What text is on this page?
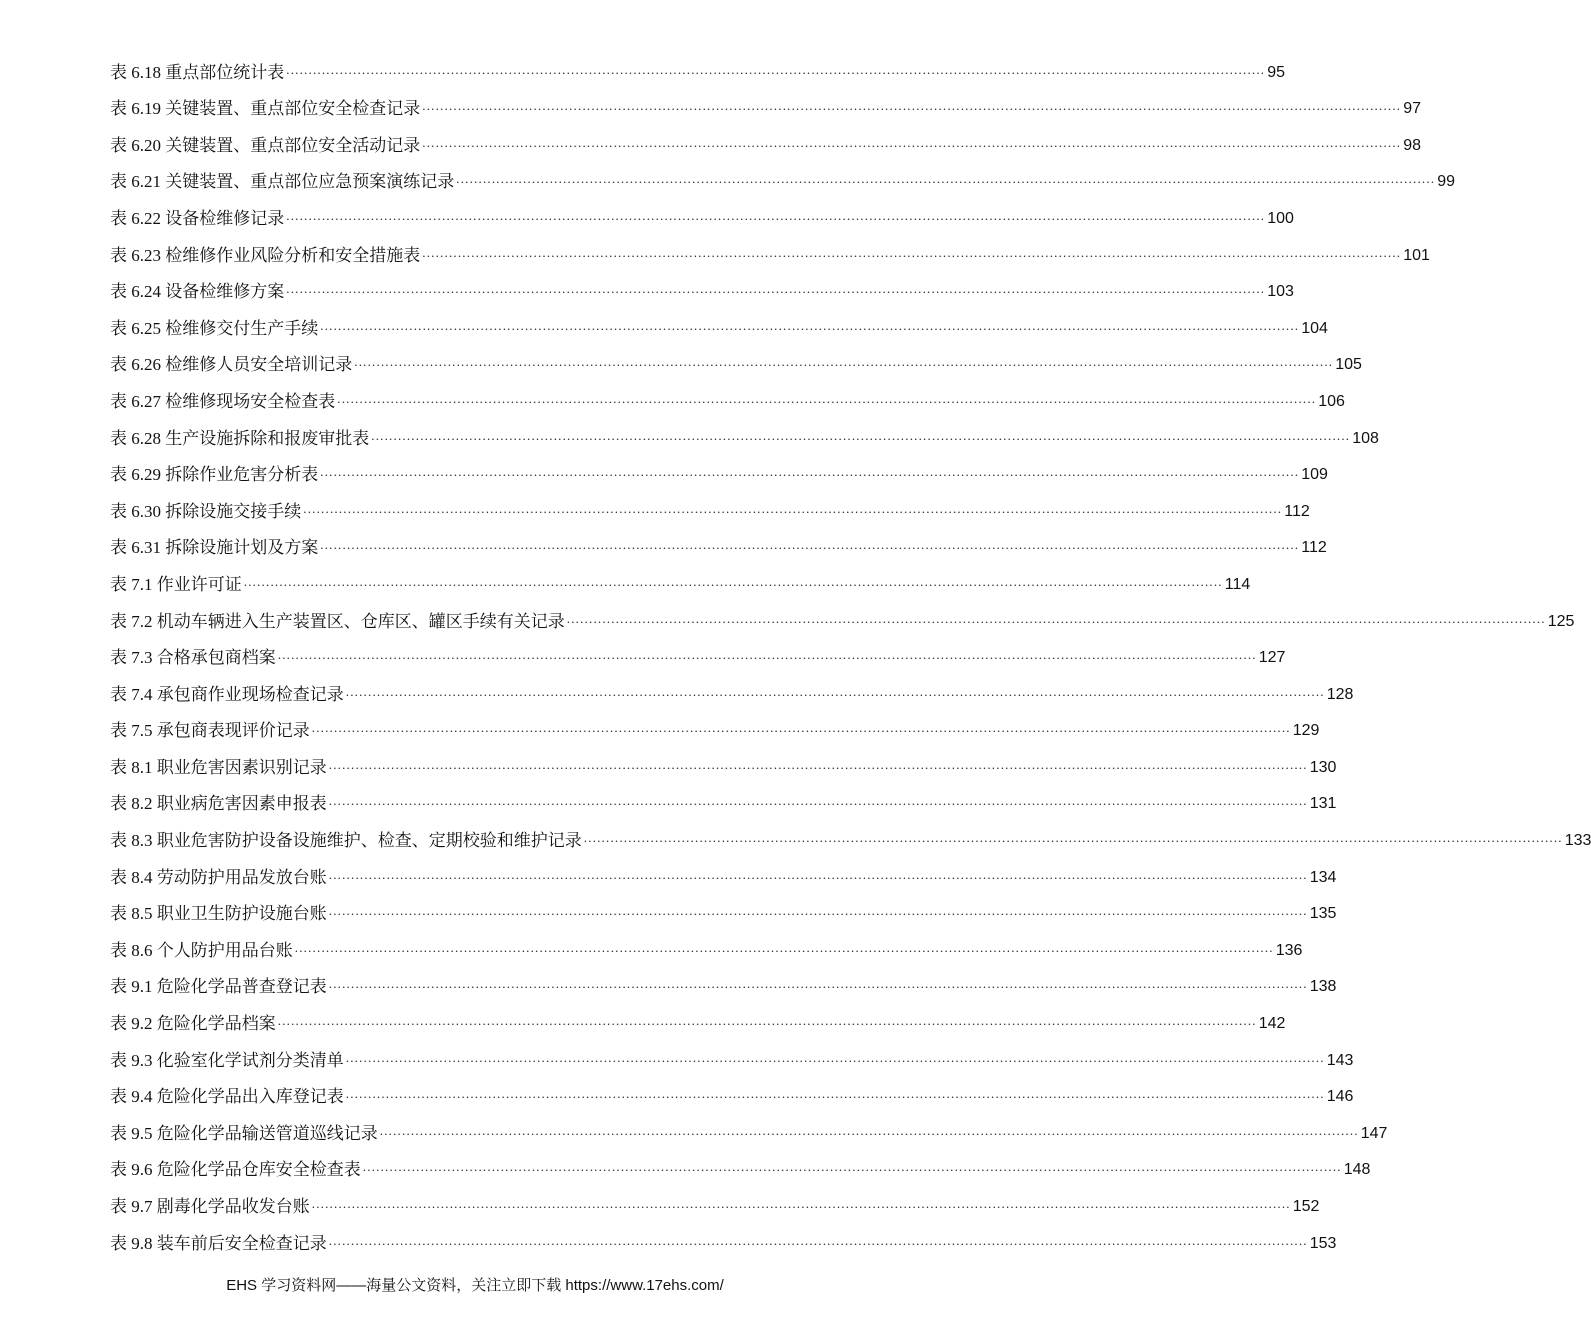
表 6.18 重点部位统计表 ............................................................................................................................................................................................................................ 95
表 6.19 关键装置、重点部位安全检查记录 ............................................................................................................................................................................................................................ 97
表 6.20 关键装置、重点部位安全活动记录 ............................................................................................................................................................................................................................ 98
表 6.21 关键装置、重点部位应急预案演练记录 ............................................................................................................................................................................................................................ 99
表 6.22 设备检维修记录 ............................................................................................................................................................................................................................ 100
表 6.23 检维修作业风险分析和安全措施表 ............................................................................................................................................................................................................................ 101
表 6.24 设备检维修方案 ............................................................................................................................................................................................................................ 103
表 6.25 检维修交付生产手续 ............................................................................................................................................................................................................................ 104
表 6.26 检维修人员安全培训记录 ............................................................................................................................................................................................................................ 105
表 6.27 检维修现场安全检查表 ............................................................................................................................................................................................................................ 106
表 6.28 生产设施拆除和报废审批表 ............................................................................................................................................................................................................................ 108
表 6.29 拆除作业危害分析表 ............................................................................................................................................................................................................................ 109
表 6.30 拆除设施交接手续 ............................................................................................................................................................................................................................ 112
表 6.31 拆除设施计划及方案 ............................................................................................................................................................................................................................ 112
表 7.1 作业许可证 ............................................................................................................................................................................................................................ 114
表 7.2 机动车辆进入生产装置区、仓库区、罐区手续有关记录 ............................................................................................................................................................................................................................ 125
表 7.3 合格承包商档案 ............................................................................................................................................................................................................................ 127
表 7.4 承包商作业现场检查记录 ............................................................................................................................................................................................................................ 128
表 7.5 承包商表现评价记录 ............................................................................................................................................................................................................................ 129
表 8.1 职业危害因素识别记录 ............................................................................................................................................................................................................................ 130
表 8.2 职业病危害因素申报表 ............................................................................................................................................................................................................................ 131
表 8.3 职业危害防护设备设施维护、检查、定期校验和维护记录 ............................................................................................................................................................................................................................ 133
表 8.4 劳动防护用品发放台账 ............................................................................................................................................................................................................................ 134
表 8.5 职业卫生防护设施台账 ............................................................................................................................................................................................................................ 135
表 8.6 个人防护用品台账 ............................................................................................................................................................................................................................ 136
表 9.1 危险化学品普查登记表 ............................................................................................................................................................................................................................ 138
表 9.2 危险化学品档案 ............................................................................................................................................................................................................................ 142
表 9.3 化验室化学试剂分类清单 ............................................................................................................................................................................................................................ 143
表 9.4 危险化学品出入库登记表 ............................................................................................................................................................................................................................ 146
表 9.5 危险化学品输送管道巡线记录 ............................................................................................................................................................................................................................ 147
表 9.6 危险化学品仓库安全检查表 ............................................................................................................................................................................................................................ 148
表 9.7 剧毒化学品收发台账 ............................................................................................................................................................................................................................ 152
表 9.8 装车前后安全检查记录 ............................................................................................................................................................................................................................ 153
EHS 学习资料网——海量公文资料，关注立即下载 https://www.17ehs.com/
